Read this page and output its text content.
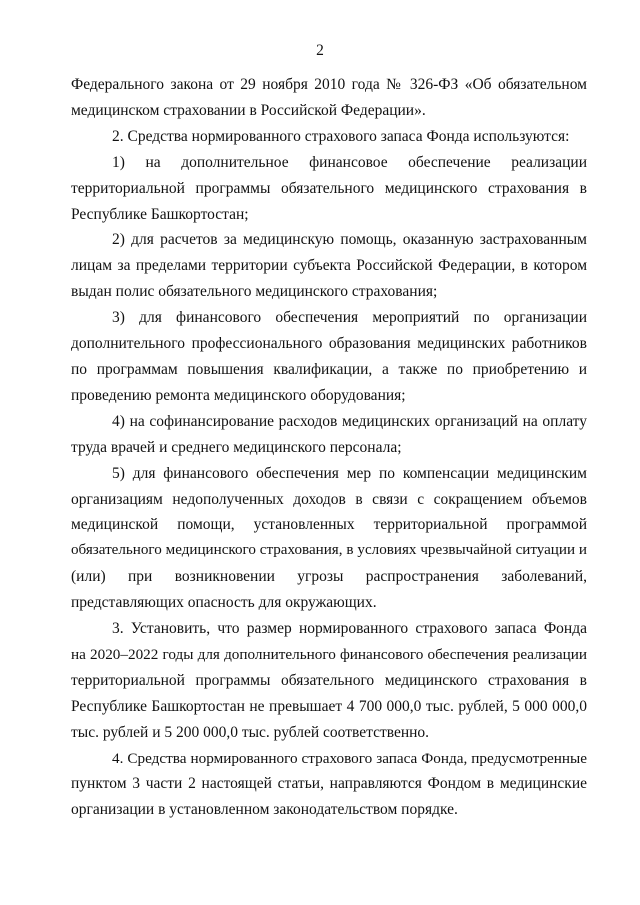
2
Федерального закона от 29 ноября 2010 года № 326-ФЗ «Об обязательном
медицинском страховании в Российской Федерации».
2. Средства нормированного страхового запаса Фонда используются:
1) на дополнительное финансовое обеспечение реализации
территориальной программы обязательного медицинского страхования в
Республике Башкортостан;
2) для расчетов за медицинскую помощь, оказанную застрахованным
лицам за пределами территории субъекта Российской Федерации, в котором
выдан полис обязательного медицинского страхования;
3) для финансового обеспечения мероприятий по организации
дополнительного профессионального образования медицинских работников
по программам повышения квалификации, а также по приобретению и
проведению ремонта медицинского оборудования;
4) на софинансирование расходов медицинских организаций на оплату
труда врачей и среднего медицинского персонала;
5) для финансового обеспечения мер по компенсации медицинским
организациям недополученных доходов в связи с сокращением объемов
медицинской помощи, установленных территориальной программой
обязательного медицинского страхования, в условиях чрезвычайной ситуации и
(или) при возникновении угрозы распространения заболеваний,
представляющих опасность для окружающих.
3. Установить, что размер нормированного страхового запаса Фонда
на 2020–2022 годы для дополнительного финансового обеспечения реализации
территориальной программы обязательного медицинского страхования в
Республике Башкортостан не превышает 4 700 000,0 тыс. рублей, 5 000 000,0
тыс. рублей и 5 200 000,0 тыс. рублей соответственно.
4. Средства нормированного страхового запаса Фонда, предусмотренные
пунктом 3 части 2 настоящей статьи, направляются Фондом в медицинские
организации в установленном законодательством порядке.
